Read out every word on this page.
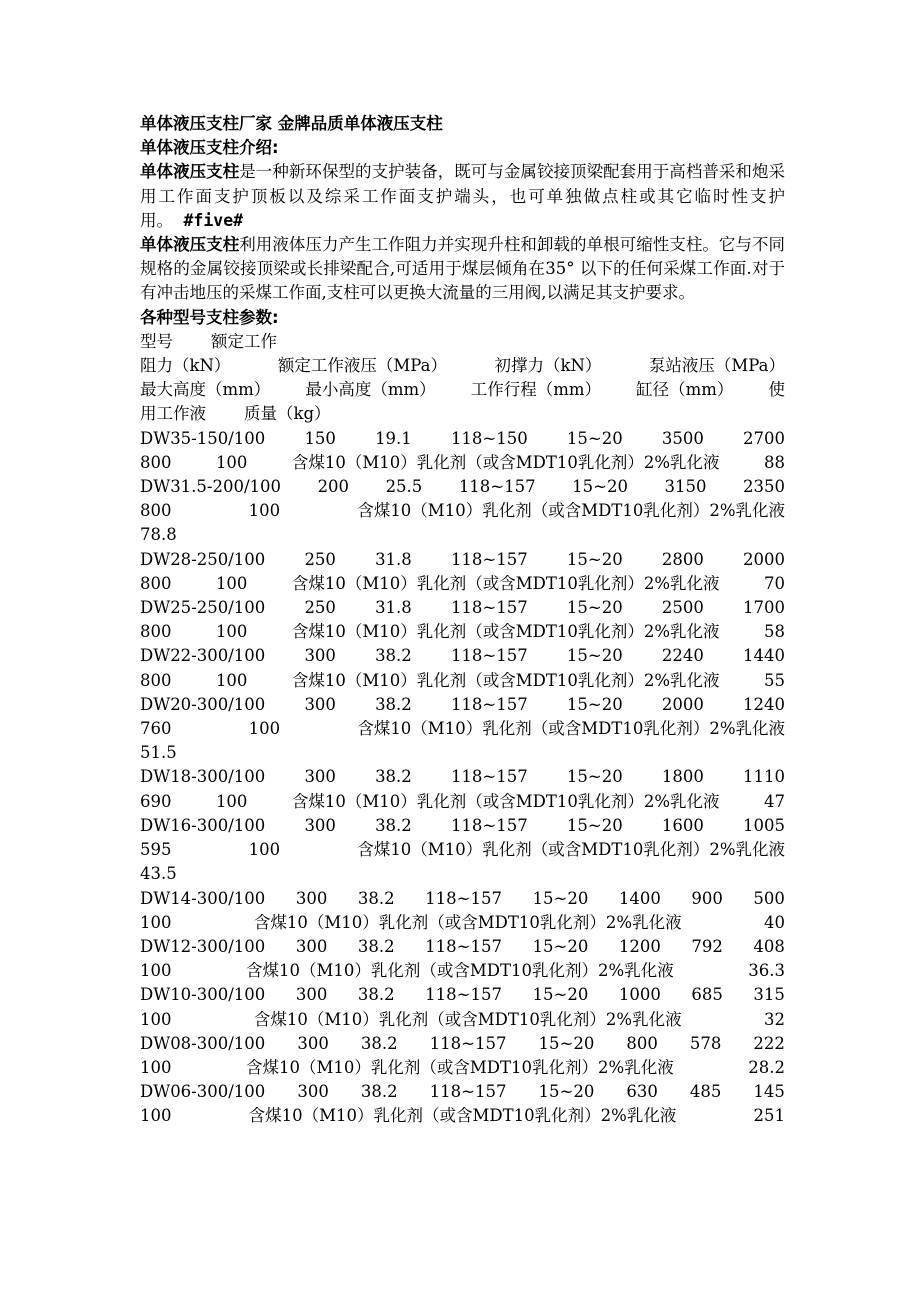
单体液压支柱厂家 金牌品质单体液压支柱
单体液压支柱介绍:
单体液压支柱是一种新环保型的支护装备，既可与金属铰接顶梁配套用于高档普采和炮采用工作面支护顶板以及综采工作面支护端头，也可单独做点柱或其它临时性支护用。 #five#
单体液压支柱利用液体压力产生工作阻力并实现升柱和卸载的单根可缩性支柱。它与不同规格的金属铰接顶梁或长排梁配合,可适用于煤层倾角在35° 以下的任何采煤工作面.对于有冲击地压的采煤工作面,支柱可以更换大流量的三用阀,以满足其支护要求。
各种型号支柱参数:
型号 额定工作
阻力（kN）	额定工作液压（MPa）	初撑力（kN）	泵站液压（MPa）
最大高度（mm） 最小高度（mm） 工作行程（mm） 缸径（mm） 使
用工作液 质量（kg）
DW35-150/100 150 19.1 118~150 15~20 3500 2700
800	100	含煤10（M10）乳化剂（或含MDT10乳化剂）2%乳化液	88
DW31.5-200/100 200 25.5 118~157 15~20 3150 2350
800	100	含煤10（M10）乳化剂（或含MDT10乳化剂）2%乳化液
78.8
DW28-250/100 250 31.8 118~157 15~20 2800 2000
800	100	含煤10（M10）乳化剂（或含MDT10乳化剂）2%乳化液	70
DW25-250/100 250 31.8 118~157 15~20 2500 1700
800	100	含煤10（M10）乳化剂（或含MDT10乳化剂）2%乳化液	58
DW22-300/100 300 38.2 118~157 15~20 2240 1440
800	100	含煤10（M10）乳化剂（或含MDT10乳化剂）2%乳化液	55
DW20-300/100 300 38.2 118~157 15~20 2000 1240
760	100	含煤10（M10）乳化剂（或含MDT10乳化剂）2%乳化液
51.5
DW18-300/100 300 38.2 118~157 15~20 1800 1110
690	100	含煤10（M10）乳化剂（或含MDT10乳化剂）2%乳化液	47
DW16-300/100 300 38.2 118~157 15~20 1600 1005
595	100	含煤10（M10）乳化剂（或含MDT10乳化剂）2%乳化液
43.5
DW14-300/100 300 38.2 118~157 15~20 1400 900 500
100	含煤10（M10）乳化剂（或含MDT10乳化剂）2%乳化液	40
DW12-300/100 300 38.2 118~157 15~20 1200 792 408
100	含煤10（M10）乳化剂（或含MDT10乳化剂）2%乳化液	36.3
DW10-300/100 300 38.2 118~157 15~20 1000 685 315
100	含煤10（M10）乳化剂（或含MDT10乳化剂）2%乳化液	32
DW08-300/100 300 38.2 118~157 15~20 800 578 222
100	含煤10（M10）乳化剂（或含MDT10乳化剂）2%乳化液	28.2
DW06-300/100 300 38.2 118~157 15~20 630 485 145
100	含煤10（M10）乳化剂（或含MDT10乳化剂）2%乳化液	251
